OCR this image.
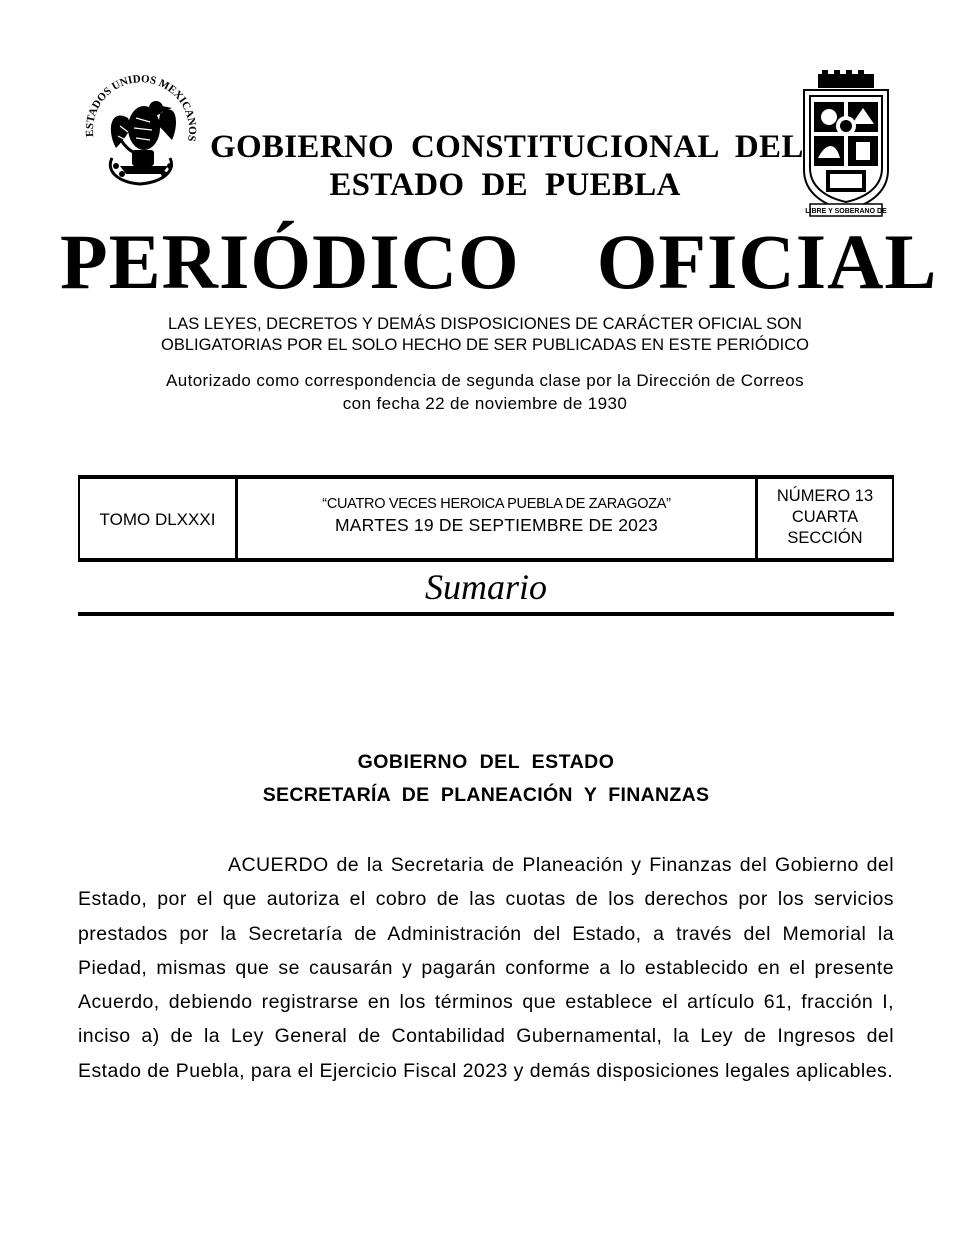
ESTADOS UNIDOS MEXICANOS
LIBRE Y SOBERANO DE
GOBIERNO  CONSTITUCIONAL  DEL
ESTADO  DE  PUEBLA
PERIÓDICO  OFICIAL
LAS LEYES, DECRETOS Y DEMÁS DISPOSICIONES DE CARÁCTER OFICIAL SON
OBLIGATORIAS POR EL SOLO HECHO DE SER PUBLICADAS EN ESTE PERIÓDICO
Autorizado como correspondencia de segunda clase por la Dirección de Correos
con fecha 22 de noviembre de 1930
TOMO DLXXXI
“CUATRO VECES HEROICA PUEBLA DE ZARAGOZA”
MARTES 19 DE SEPTIEMBRE DE 2023
NÚMERO 13
CUARTA
SECCIÓN
Sumario
GOBIERNO  DEL  ESTADO
SECRETARÍA  DE  PLANEACIÓN  Y  FINANZAS
ACUERDO de la Secretaria de Planeación y Finanzas del Gobierno del Estado, por el que autoriza el cobro de las cuotas de los derechos por los servicios prestados por la Secretaría de Administración del Estado, a través del Memorial la Piedad, mismas que se causarán y pagarán conforme a lo establecido en el presente Acuerdo, debiendo registrarse en los términos que establece el artículo 61, fracción I, inciso a) de la Ley General de Contabilidad Gubernamental, la Ley de Ingresos del Estado de Puebla, para el Ejercicio Fiscal 2023 y demás disposiciones legales aplicables.
